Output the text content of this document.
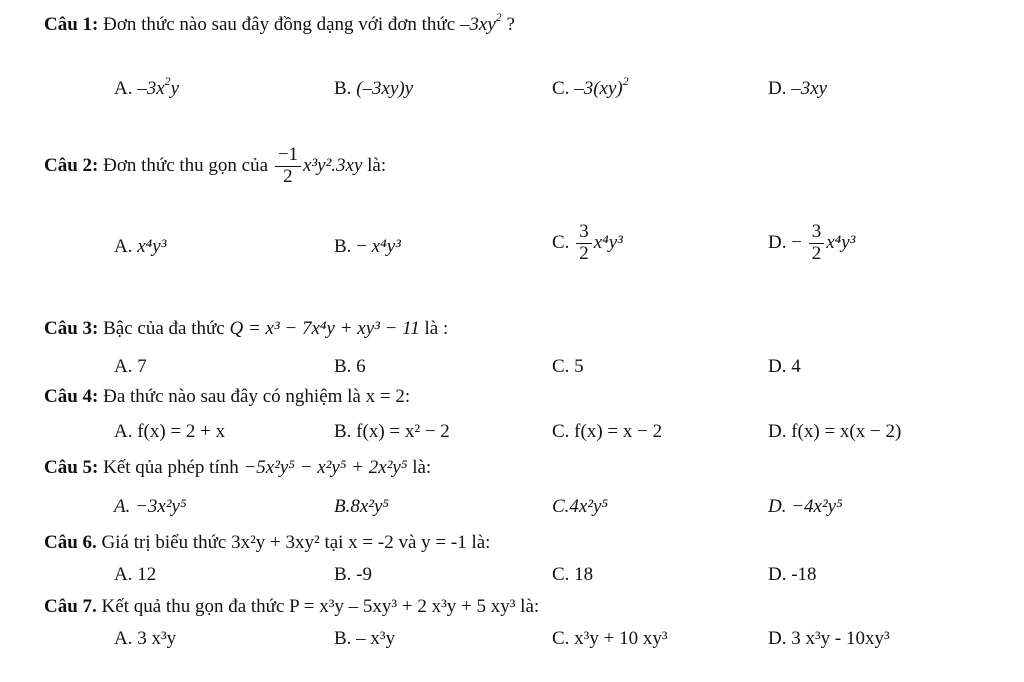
Câu 1: Đơn thức nào sau đây đồng dạng với đơn thức $-3xy^2$ ?
A. $-3x^2y$	B. (–3xy)y	C. –3(xy)$^2$	D. –3xy
Câu 2: Đơn thức thu gọn của $\frac{-1}{2} x^3y^2.3xy$ là:
A. x⁴y³	B. − x⁴y³	C. $\frac{3}{2} x^4y^3$	D. − $\frac{3}{2} x^4y^3$
Câu 3: Bậc của đa thức Q = x³ − 7x⁴y + xy³ − 11 là :
A. 7	B. 6	C. 5	D. 4
Câu 4: Đa thức nào sau đây có nghiệm là x = 2:
A. f(x) = 2 + x	B. f(x) = x² − 2	C. f(x) = x − 2	D. f(x) = x(x − 2)
Câu 5: Kết qủa phép tính −5x²y⁵ − x²y⁵ + 2x²y⁵ là:
A. −3x²y⁵	B.8x²y⁵	C.4x²y⁵	D. −4x²y⁵
Câu 6. Giá trị biểu thức 3x²y + 3xy² tại x = -2 và y = -1 là:
A. 12	B. -9	C. 18	D. -18
Câu 7. Kết quả thu gọn đa thức P = x³y – 5xy³ + 2 x³y + 5 xy³ là:
A. 3 x³y	B. – x³y	C. x³y + 10 xy³	D. 3 x³y - 10xy³
